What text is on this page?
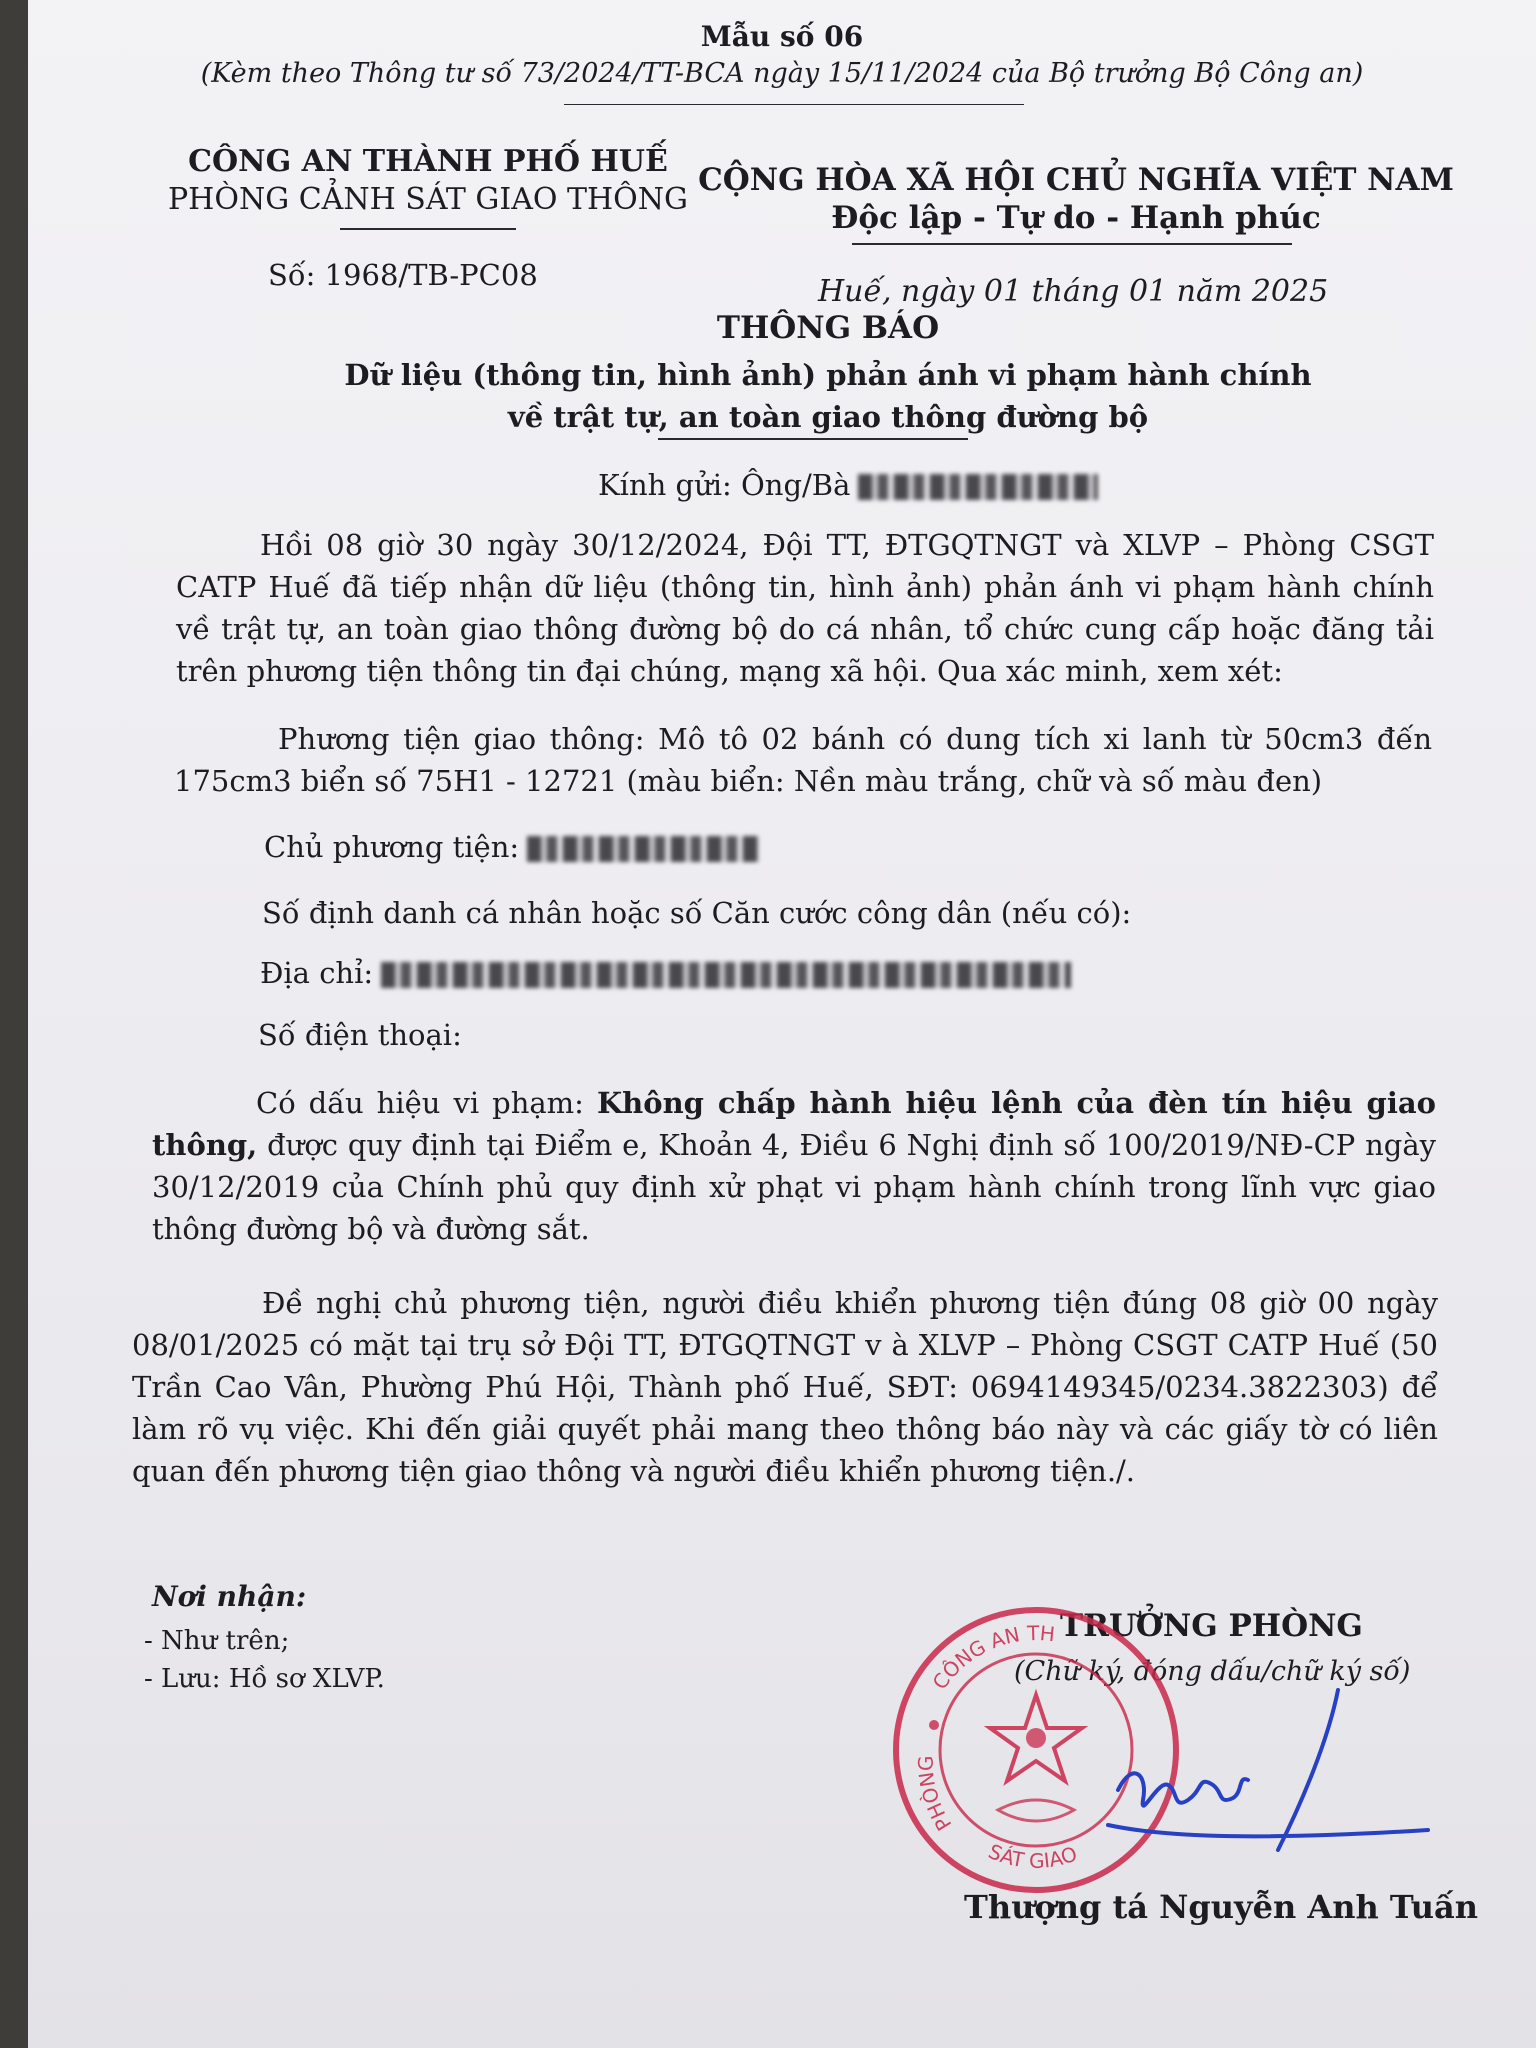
Mẫu số 06
(Kèm theo Thông tư số 73/2024/TT-BCA ngày 15/11/2024 của Bộ trưởng Bộ Công an)
CÔNG AN THÀNH PHỐ HUẾ
PHÒNG CẢNH SÁT GIAO THÔNG
CỘNG HÒA XÃ HỘI CHỦ NGHĨA VIỆT NAM
Độc lập - Tự do - Hạnh phúc
Số: 1968/TB-PC08	Huế, ngày 01 tháng 01 năm 2025
THÔNG BÁO
Dữ liệu (thông tin, hình ảnh) phản ánh vi phạm hành chính
về trật tự, an toàn giao thông đường bộ
Kính gửi: Ông/Bà

Hồi 08 giờ 30 ngày 30/12/2024, Đội TT, ĐTGQTNGT và XLVP – Phòng CSGT CATP Huế đã tiếp nhận dữ liệu (thông tin, hình ảnh) phản ánh vi phạm hành chính về trật tự, an toàn giao thông đường bộ do cá nhân, tổ chức cung cấp hoặc đăng tải trên phương tiện thông tin đại chúng, mạng xã hội. Qua xác minh, xem xét:

Phương tiện giao thông: Mô tô 02 bánh có dung tích xi lanh từ 50cm3 đến 175cm3 biển số 75H1 - 12721 (màu biển: Nền màu trắng, chữ và số màu đen)

Chủ phương tiện:
Số định danh cá nhân hoặc số Căn cước công dân (nếu có):
Địa chỉ:
Số điện thoại:

Có dấu hiệu vi phạm: Không chấp hành hiệu lệnh của đèn tín hiệu giao thông, được quy định tại Điểm e, Khoản 4, Điều 6 Nghị định số 100/2019/NĐ-CP ngày 30/12/2019 của Chính phủ quy định xử phạt vi phạm hành chính trong lĩnh vực giao thông đường bộ và đường sắt.

Đề nghị chủ phương tiện, người điều khiển phương tiện đúng 08 giờ 00 ngày 08/01/2025 có mặt tại trụ sở Đội TT, ĐTGQTNGT v à XLVP – Phòng CSGT CATP Huế (50 Trần Cao Vân, Phường Phú Hội, Thành phố Huế, SĐT: 0694149345/0234.3822303) để làm rõ vụ việc. Khi đến giải quyết phải mang theo thông báo này và các giấy tờ có liên quan đến phương tiện giao thông và người điều khiển phương tiện./.

Nơi nhận:
- Như trên;
- Lưu: Hồ sơ XLVP.
TRƯỞNG PHÒNG
(Chữ ký, đóng dấu/chữ ký số)
CÔNG AN TH
PHÒNG
SÁT GIAO
Thượng tá Nguyễn Anh Tuấn
